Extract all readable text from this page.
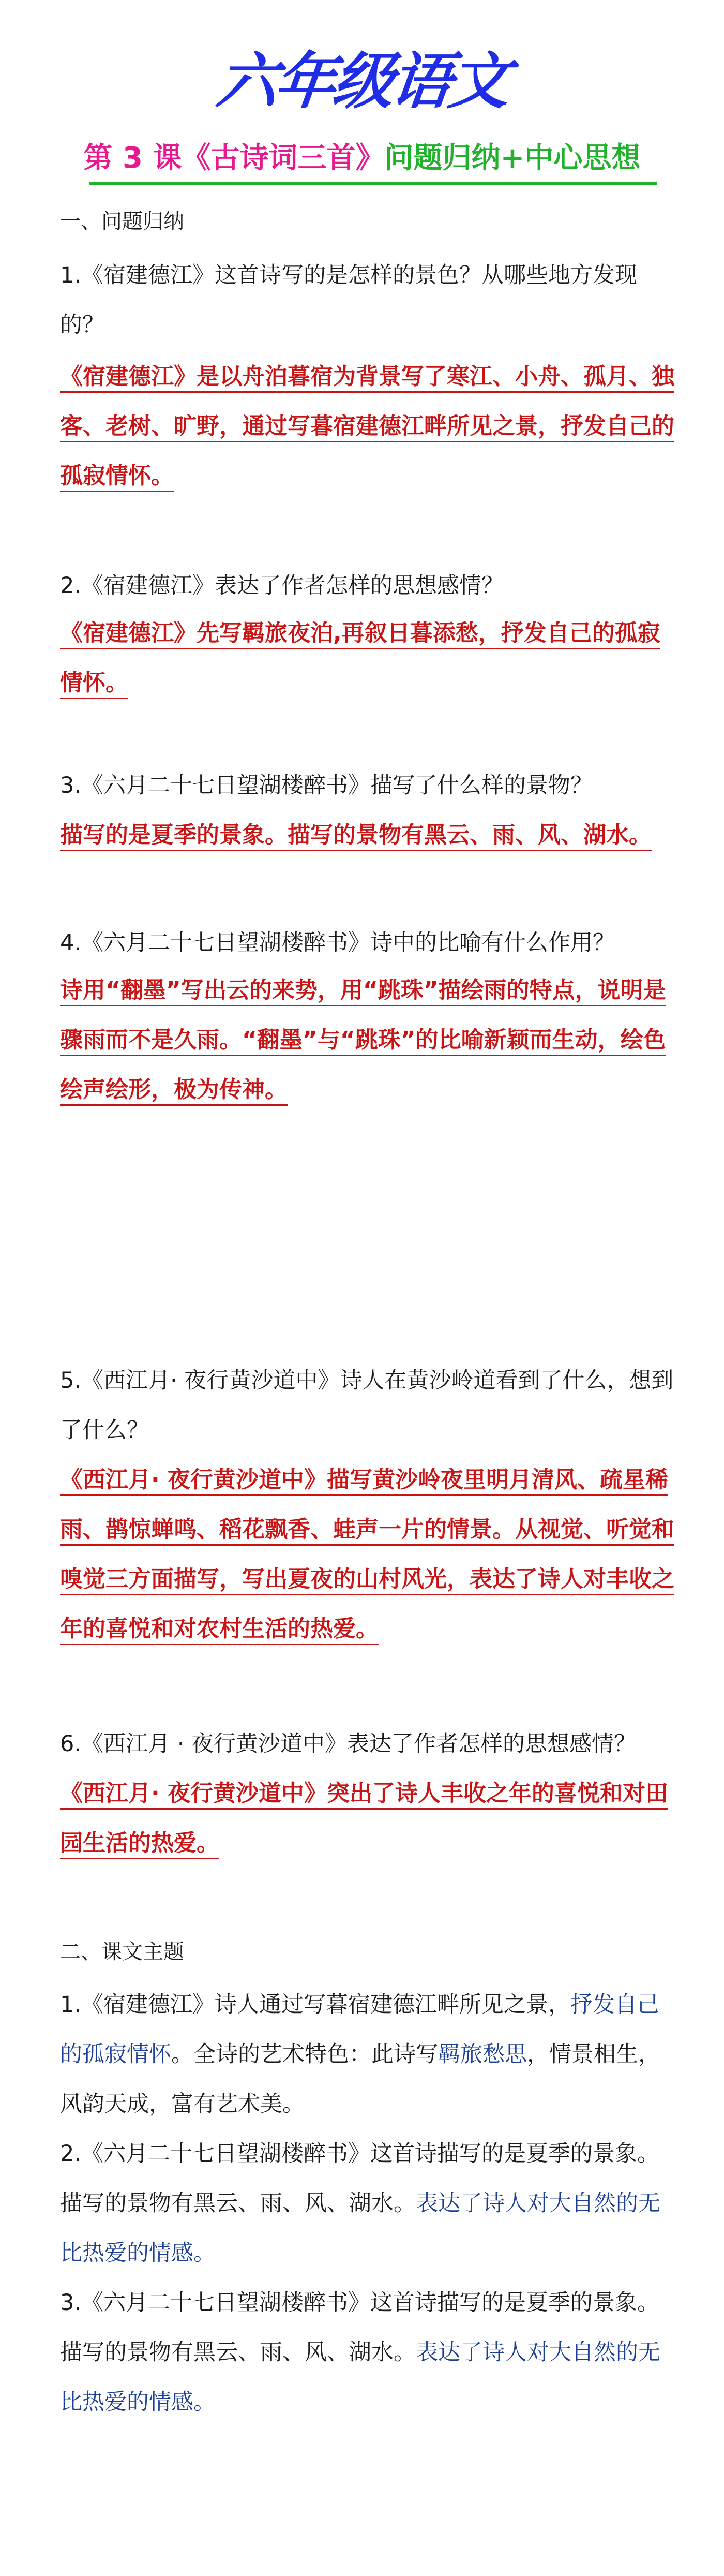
六年级语文
第 3 课《古诗词三首》问题归纳+中心思想
一、问题归纳
1.《宿建德江》这首诗写的是怎样的景色？从哪些地方发现的？
《宿建德江》是以舟泊暮宿为背景写了寒江、小舟、孤月、独客、老树、旷野，通过写暮宿建德江畔所见之景，抒发自己的孤寂情怀。
2.《宿建德江》表达了作者怎样的思想感情？
《宿建德江》先写羁旅夜泊,再叙日暮添愁，抒发自己的孤寂情怀。
3.《六月二十七日望湖楼醉书》描写了什么样的景物？
描写的是夏季的景象。描写的景物有黑云、雨、风、湖水。
4.《六月二十七日望湖楼醉书》诗中的比喻有什么作用？
诗用“翻墨”写出云的来势，用“跳珠”描绘雨的特点，说明是骤雨而不是久雨。“翻墨”与“跳珠”的比喻新颖而生动，绘色绘声绘形，极为传神。
5.《西江月· 夜行黄沙道中》诗人在黄沙岭道看到了什么，想到了什么？
《西江月· 夜行黄沙道中》描写黄沙岭夜里明月清风、疏星稀雨、鹊惊蝉鸣、稻花飘香、蛙声一片的情景。从视觉、听觉和嗅觉三方面描写，写出夏夜的山村风光，表达了诗人对丰收之年的喜悦和对农村生活的热爱。
6.《西江月 · 夜行黄沙道中》表达了作者怎样的思想感情？
《西江月· 夜行黄沙道中》突出了诗人丰收之年的喜悦和对田园生活的热爱。
二、课文主题
1.《宿建德江》诗人通过写暮宿建德江畔所见之景，抒发自己的孤寂情怀。全诗的艺术特色：此诗写羁旅愁思，情景相生，风韵天成，富有艺术美。
2.《六月二十七日望湖楼醉书》这首诗描写的是夏季的景象。描写的景物有黑云、雨、风、湖水。表达了诗人对大自然的无比热爱的情感。
3.《六月二十七日望湖楼醉书》这首诗描写的是夏季的景象。描写的景物有黑云、雨、风、湖水。表达了诗人对大自然的无比热爱的情感。
